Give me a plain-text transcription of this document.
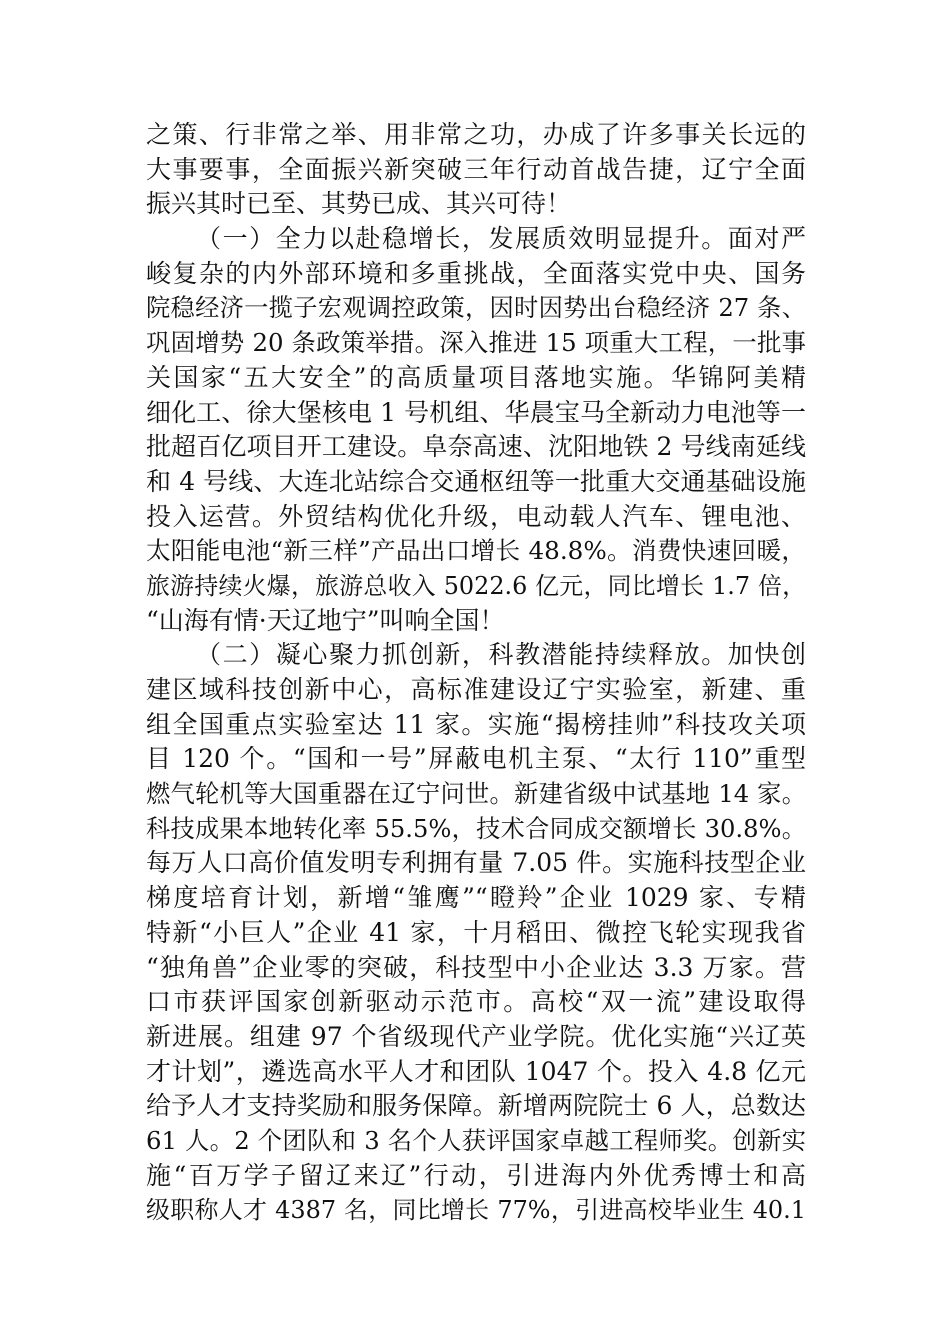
之策、行非常之举、用非常之功，办成了许多事关长远的
大事要事，全面振兴新突破三年行动首战告捷，辽宁全面
振兴其时已至、其势已成、其兴可待！
（一）全力以赴稳增长，发展质效明显提升。面对严
峻复杂的内外部环境和多重挑战，全面落实党中央、国务
院稳经济一揽子宏观调控政策，因时因势出台稳经济 27 条、
巩固增势 20 条政策举措。深入推进 15 项重大工程，一批事
关国家“五大安全”的高质量项目落地实施。华锦阿美精
细化工、徐大堡核电 1 号机组、华晨宝马全新动力电池等一
批超百亿项目开工建设。阜奈高速、沈阳地铁 2 号线南延线
和 4 号线、大连北站综合交通枢纽等一批重大交通基础设施
投入运营。外贸结构优化升级，电动载人汽车、锂电池、
太阳能电池“新三样”产品出口增长 48.8%。消费快速回暖，
旅游持续火爆，旅游总收入 5022.6 亿元，同比增长 1.7 倍，
“山海有情·天辽地宁”叫响全国！
（二）凝心聚力抓创新，科教潜能持续释放。加快创
建区域科技创新中心，高标准建设辽宁实验室，新建、重
组全国重点实验室达 11 家。实施“揭榜挂帅”科技攻关项
目 120 个。“国和一号”屏蔽电机主泵、“太行 110”重型
燃气轮机等大国重器在辽宁问世。新建省级中试基地 14 家。
科技成果本地转化率 55.5%，技术合同成交额增长 30.8%。
每万人口高价值发明专利拥有量 7.05 件。实施科技型企业
梯度培育计划，新增“雏鹰”“瞪羚”企业 1029 家、专精
特新“小巨人”企业 41 家，十月稻田、微控飞轮实现我省
“独角兽”企业零的突破，科技型中小企业达 3.3 万家。营
口市获评国家创新驱动示范市。高校“双一流”建设取得
新进展。组建 97 个省级现代产业学院。优化实施“兴辽英
才计划”，遴选高水平人才和团队 1047 个。投入 4.8 亿元
给予人才支持奖励和服务保障。新增两院院士 6 人，总数达
61 人。2 个团队和 3 名个人获评国家卓越工程师奖。创新实
施“百万学子留辽来辽”行动，引进海内外优秀博士和高
级职称人才 4387 名，同比增长 77%，引进高校毕业生 40.1
